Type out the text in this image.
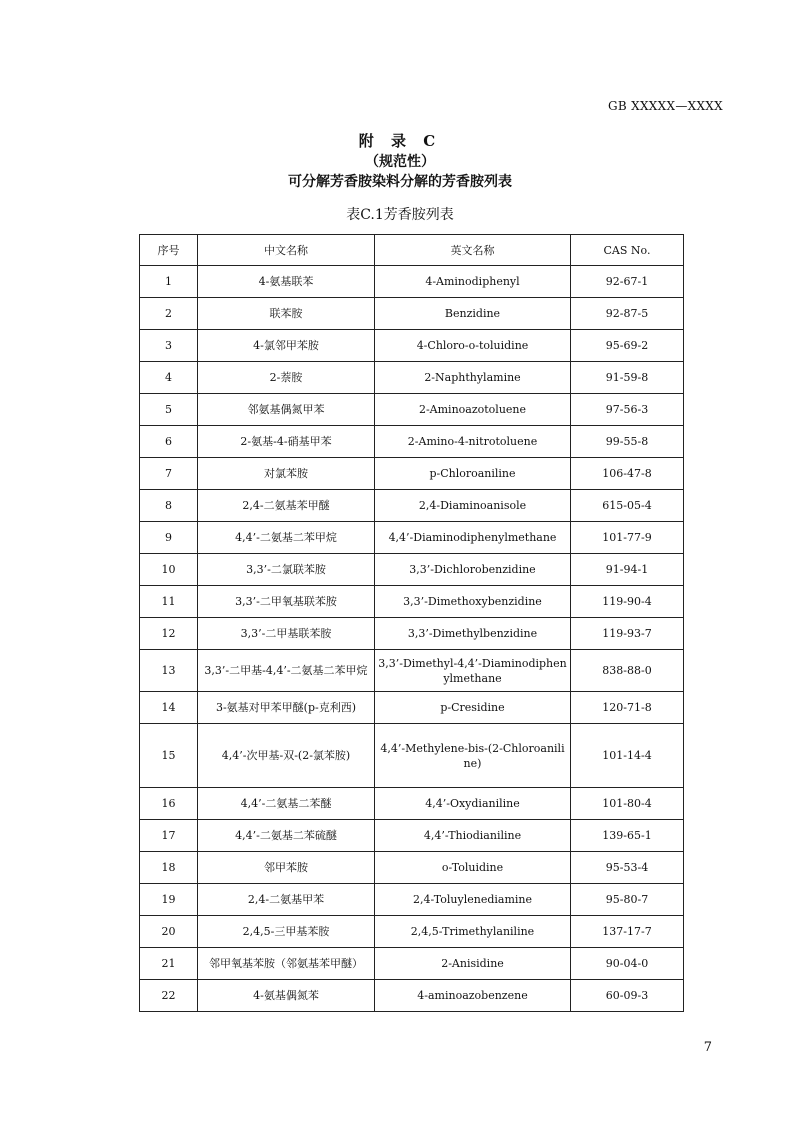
GB XXXXX—XXXX
附 录 C
（规范性）
可分解芳香胺染料分解的芳香胺列表
表C.1芳香胺列表
序号	中文名称	英文名称	CAS No.
1	4-氨基联苯	4-Aminodiphenyl	92-67-1
2	联苯胺	Benzidine	92-87-5
3	4-氯邻甲苯胺	4-Chloro-o-toluidine	95-69-2
4	2-萘胺	2-Naphthylamine	91-59-8
5	邻氨基偶氮甲苯	2-Aminoazotoluene	97-56-3
6	2-氨基-4-硝基甲苯	2-Amino-4-nitrotoluene	99-55-8
7	对氯苯胺	p-Chloroaniline	106-47-8
8	2,4-二氨基苯甲醚	2,4-Diaminoanisole	615-05-4
9	4,4’-二氨基二苯甲烷	4,4’-Diaminodiphenylmethane	101-77-9
10	3,3’-二氯联苯胺	3,3’-Dichlorobenzidine	91-94-1
11	3,3’-二甲氧基联苯胺	3,3’-Dimethoxybenzidine	119-90-4
12	3,3’-二甲基联苯胺	3,3’-Dimethylbenzidine	119-93-7
13	3,3’-二甲基-4,4’-二氨基二苯甲烷	3,3’-Dimethyl-4,4’-Diaminodiphenylmethane	838-88-0
14	3-氨基对甲苯甲醚(p-克利西)	p-Cresidine	120-71-8
15	4,4’-次甲基-双-(2-氯苯胺)	4,4’-Methylene-bis-(2-Chloroaniline)	101-14-4
16	4,4’-二氨基二苯醚	4,4’-Oxydianiline	101-80-4
17	4,4’-二氨基二苯硫醚	4,4’-Thiodianiline	139-65-1
18	邻甲苯胺	o-Toluidine	95-53-4
19	2,4-二氨基甲苯	2,4-Toluylenediamine	95-80-7
20	2,4,5-三甲基苯胺	2,4,5-Trimethylaniline	137-17-7
21	邻甲氧基苯胺（邻氨基苯甲醚）	2-Anisidine	90-04-0
22	4-氨基偶氮苯	4-aminoazobenzene	60-09-3
7
